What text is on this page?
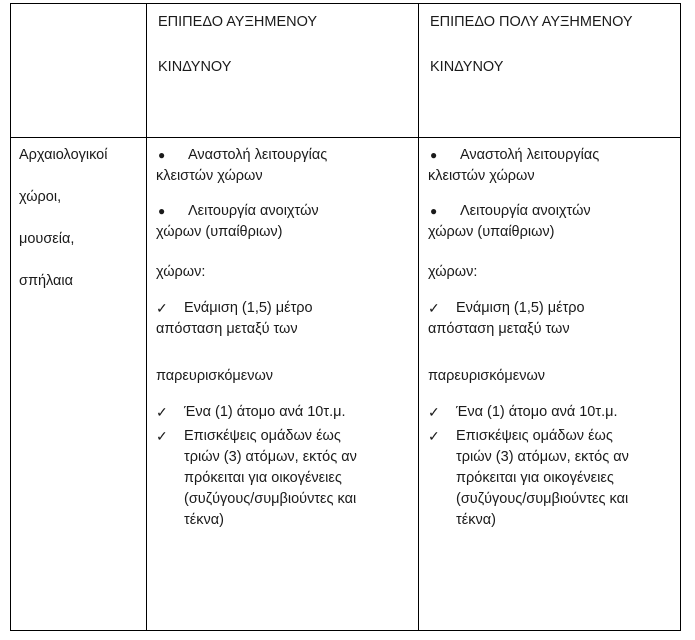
ΕΠΙΠΕΔΟ ΑΥΞΗΜΕΝΟΥ

ΚΙΝΔΥΝΟΥ

ΕΠΙΠΕΔΟ ΠΟΛΥ ΑΥΞΗΜΕΝΟΥ

ΚΙΝΔΥΝΟΥ

Αρχαιολογικοί

χώροι,

μουσεία,

σπήλαια

● Αναστολή λειτουργίας
κλειστών χώρων
● Λειτουργία ανοιχτών
χώρων (υπαίθριων)
χώρων:
✓ Ενάμιση (1,5) μέτρο
απόσταση μεταξύ των
παρευρισκόμενων
✓ Ένα (1) άτομο ανά 10τ.μ.
✓ Επισκέψεις ομάδων έως
τριών (3) ατόμων, εκτός αν
πρόκειται για οικογένειες
(συζύγους/συμβιούντες και
τέκνα)
● Αναστολή λειτουργίας
κλειστών χώρων
● Λειτουργία ανοιχτών
χώρων (υπαίθριων)
χώρων:
✓ Ενάμιση (1,5) μέτρο
απόσταση μεταξύ των
παρευρισκόμενων
✓ Ένα (1) άτομο ανά 10τ.μ.
✓ Επισκέψεις ομάδων έως
τριών (3) ατόμων, εκτός αν
πρόκειται για οικογένειες
(συζύγους/συμβιούντες και
τέκνα)
